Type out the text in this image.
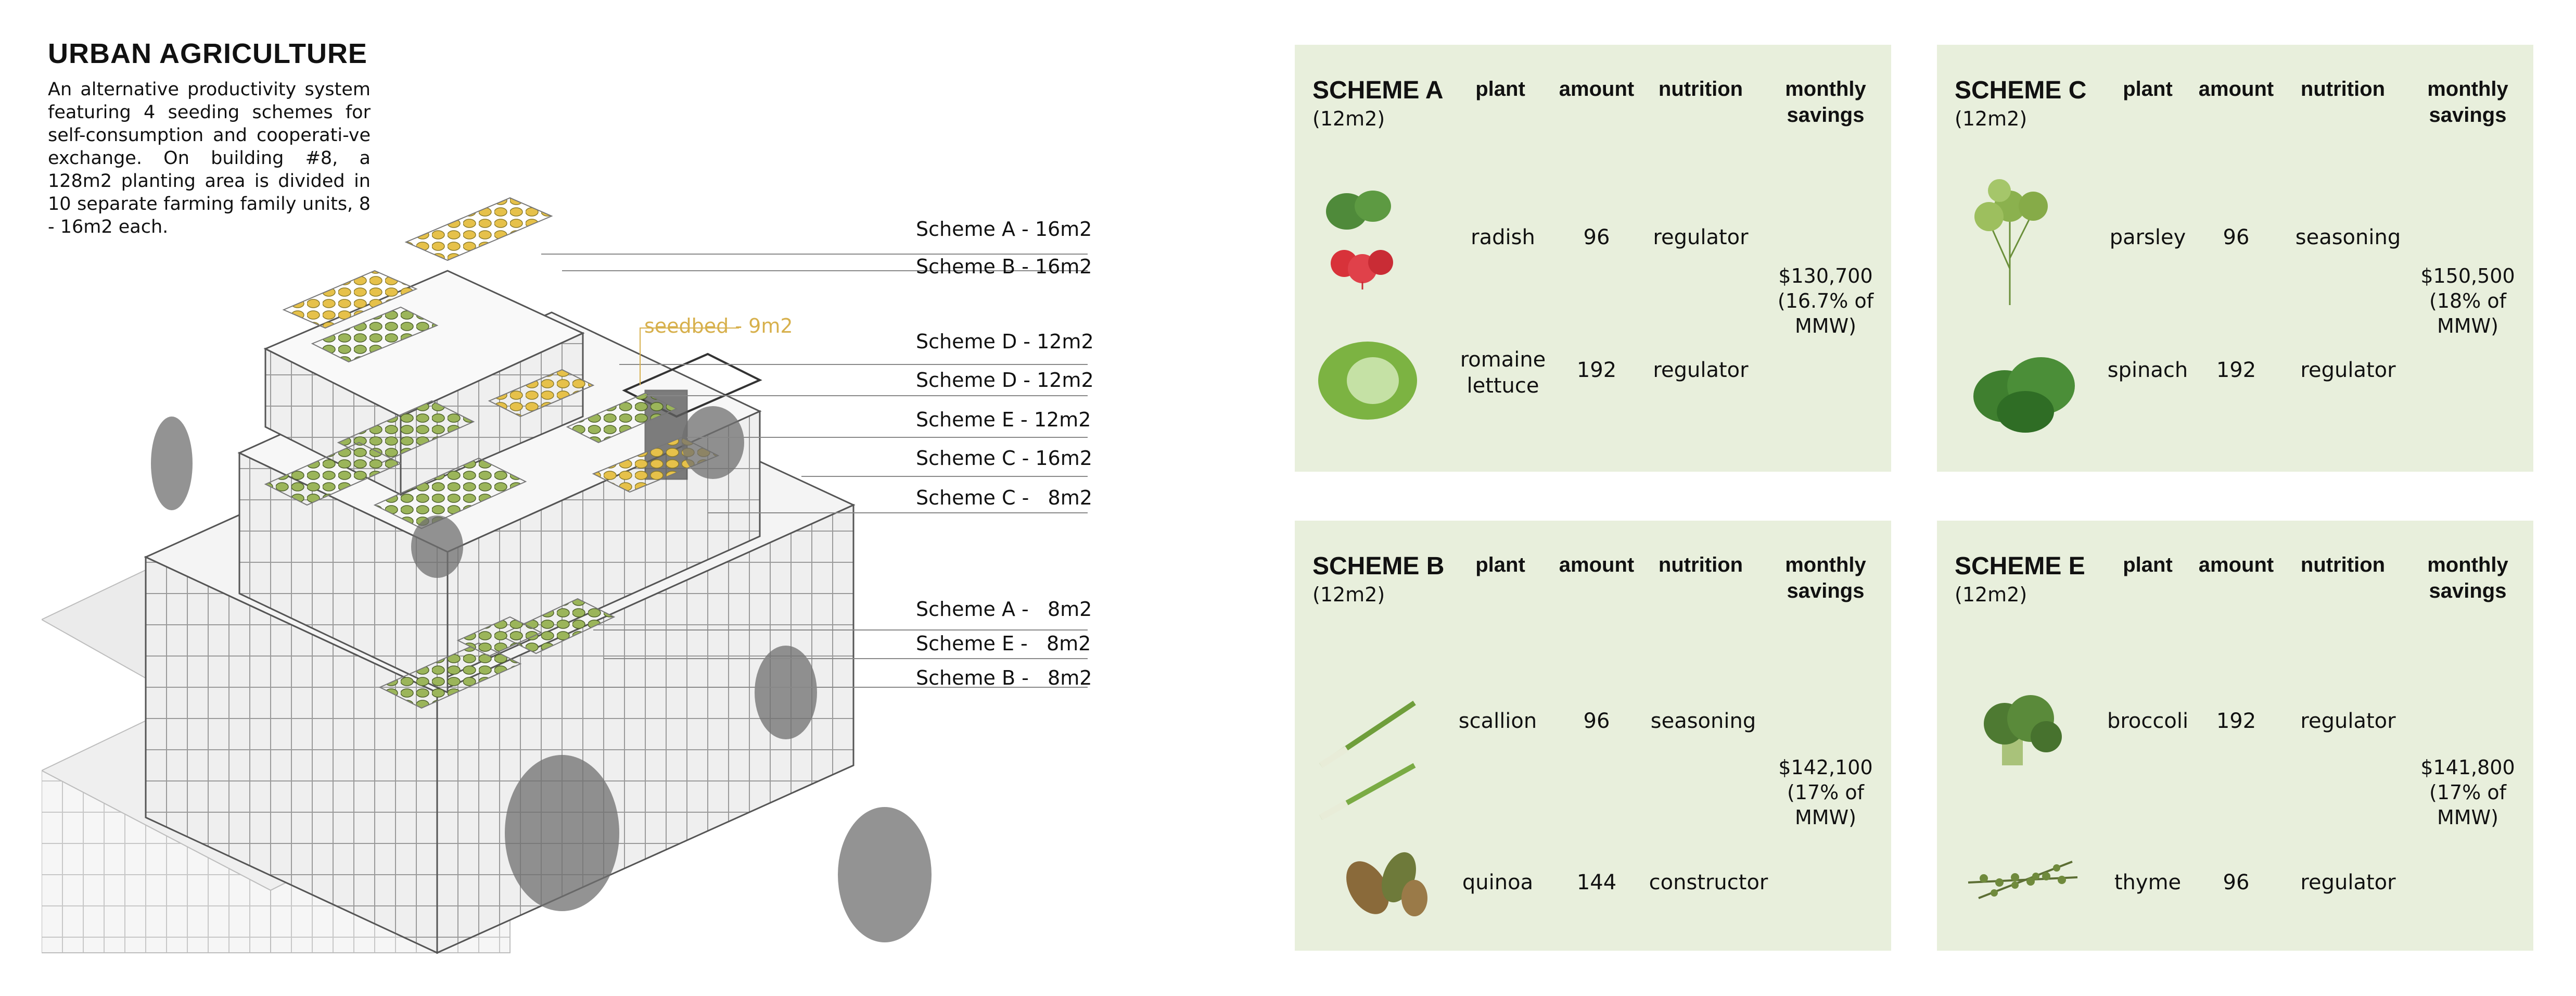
URBAN AGRICULTURE
An alternative productivity system featuring 4 seeding schemes for self-consumption and cooperati-ve exchange. On building #8, a 128m2 planting area is divided in 10 separate farming family units, 8 - 16m2 each.	Scheme A - 16m2
Scheme B - 16m2
seedbed - 9m2
Scheme D - 12m2
Scheme D - 12m2
Scheme E - 12m2
Scheme C - 16m2
Scheme C -   8m2
Scheme A -   8m2
Scheme E -   8m2
Scheme B -   8m2
SCHEME A
(12m2)
plant	amount	nutrition	monthly
savings
radish	96	regulator
romaine
lettuce
192	regulator
$130,700
(16.7% of
MMW)
SCHEME C
(12m2)
plant	amount	nutrition	monthly
savings
parsley	96	seasoning
spinach	192	regulator
$150,500
(18% of
MMW)
SCHEME B
(12m2)
plant	amount	nutrition	monthly
savings
scallion	96	seasoning
quinoa	144	constructor
$142,100
(17% of
MMW)
SCHEME E
(12m2)
plant	amount	nutrition	monthly
savings
broccoli	192	regulator
thyme	96	regulator
$141,800
(17% of
MMW)
